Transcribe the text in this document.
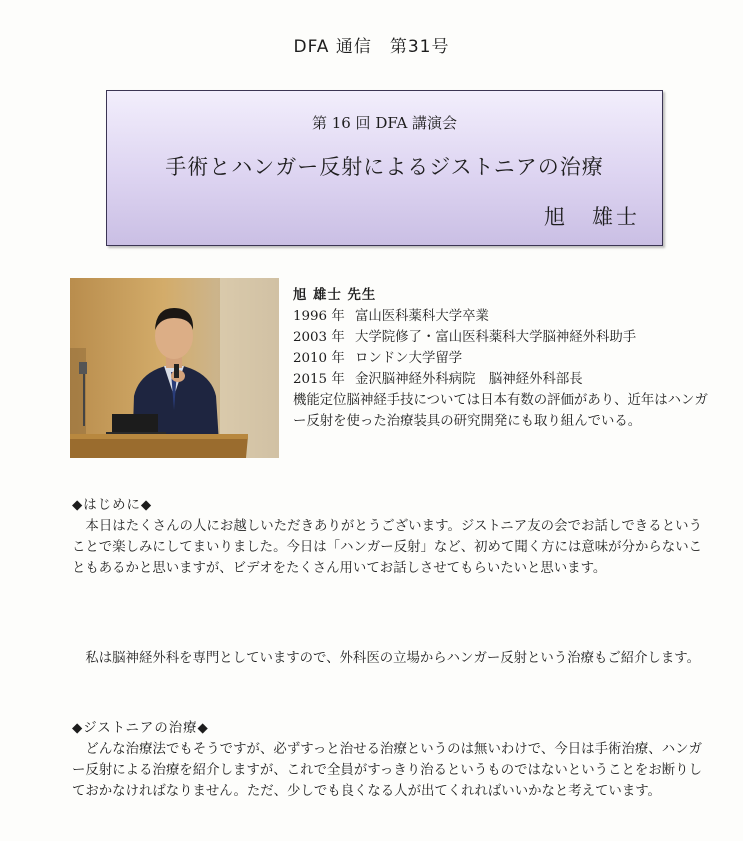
DFA 通信　第31号
第 16 回 DFA 講演会
手術とハンガー反射によるジストニアの治療
旭　雄士
旭 雄士 先生
1996 年 富山医科薬科大学卒業
2003 年 大学院修了・富山医科薬科大学脳神経外科助手
2010 年 ロンドン大学留学
2015 年 金沢脳神経外科病院　脳神経外科部長

機能定位脳神経手技については日本有数の評価があり、近年はハンガー反射を使った治療装具の研究開発にも取り組んでいる。

◆はじめに◆

本日はたくさんの人にお越しいただきありがとうございます。ジストニア友の会でお話しできるということで楽しみにしてまいりました。今日は「ハンガー反射」など、初めて聞く方には意味が分からないこともあるかと思いますが、ビデオをたくさん用いてお話しさせてもらいたいと思います。

私は脳神経外科を専門としていますので、外科医の立場からハンガー反射という治療もご紹介します。

◆ジストニアの治療◆

どんな治療法でもそうですが、必ずすっと治せる治療というのは無いわけで、今日は手術治療、ハンガー反射による治療を紹介しますが、これで全員がすっきり治るというものではないということをお断りしておかなければなりません。ただ、少しでも良くなる人が出てくれればいいかなと考えています。
